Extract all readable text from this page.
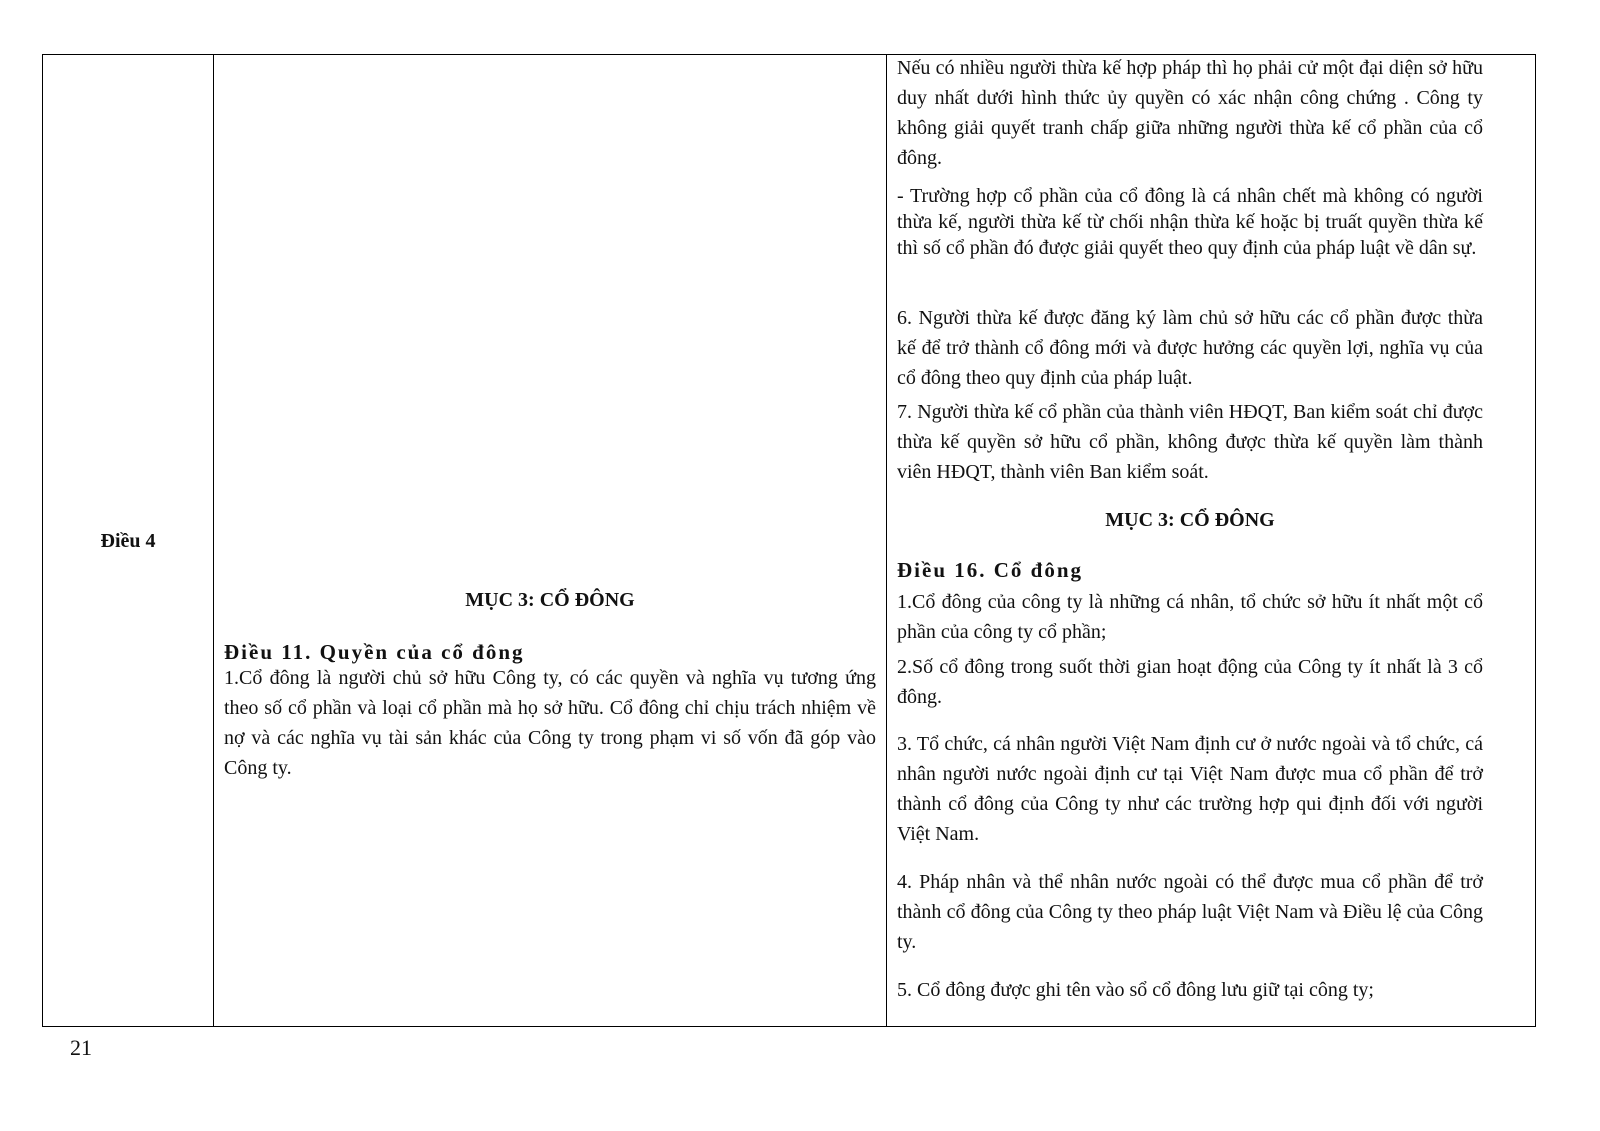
Điều 4
MỤC 3: CỔ ĐÔNG
Điều 11. Quyền của cổ đông
1.Cổ đông là người chủ sở hữu Công ty, có các quyền và nghĩa vụ tương ứng theo số cổ phần và loại cổ phần mà họ sở hữu. Cổ đông chỉ chịu trách nhiệm về nợ và các nghĩa vụ tài sản khác của Công ty trong phạm vi số vốn đã góp vào Công ty.
Nếu có nhiều người thừa kế hợp pháp thì họ phải cử một đại diện sở hữu duy nhất dưới hình thức ủy quyền có xác nhận công chứng . Công ty không giải quyết tranh chấp giữa những người thừa kế cổ phần của cổ đông.
- Trường hợp cổ phần của cổ đông là cá nhân chết mà không có người thừa kế, người thừa kế từ chối nhận thừa kế hoặc bị truất quyền thừa kế thì số cổ phần đó được giải quyết theo quy định của pháp luật về dân sự.
6. Người thừa kế được đăng ký làm chủ sở hữu các cổ phần được thừa kế để trở thành cổ đông mới và được hưởng các quyền lợi, nghĩa vụ của cổ đông theo quy định của pháp luật.
7. Người thừa kế cổ phần của thành viên HĐQT, Ban kiểm soát chỉ được thừa kế quyền sở hữu cổ phần, không được thừa kế quyền làm thành viên HĐQT, thành viên Ban kiểm soát.
MỤC 3: CỔ ĐÔNG
Điều 16. Cổ đông
1.Cổ đông của công ty là những cá nhân, tổ chức sở hữu ít nhất một cổ phần của công ty cổ phần;
2.Số cổ đông trong suốt thời gian hoạt động của Công ty ít nhất là 3 cổ đông.
3. Tổ chức, cá nhân người Việt Nam định cư ở nước ngoài và tổ chức, cá nhân người nước ngoài định cư tại Việt Nam được mua cổ phần để trở thành cổ đông của Công ty như các trường hợp qui định đối với người Việt Nam.
4. Pháp nhân và thể nhân nước ngoài có thể được mua cổ phần để trở thành cổ đông của Công ty theo pháp luật Việt Nam và Điều lệ của Công ty.
5. Cổ đông được ghi tên vào sổ cổ đông lưu giữ tại công ty;
21
